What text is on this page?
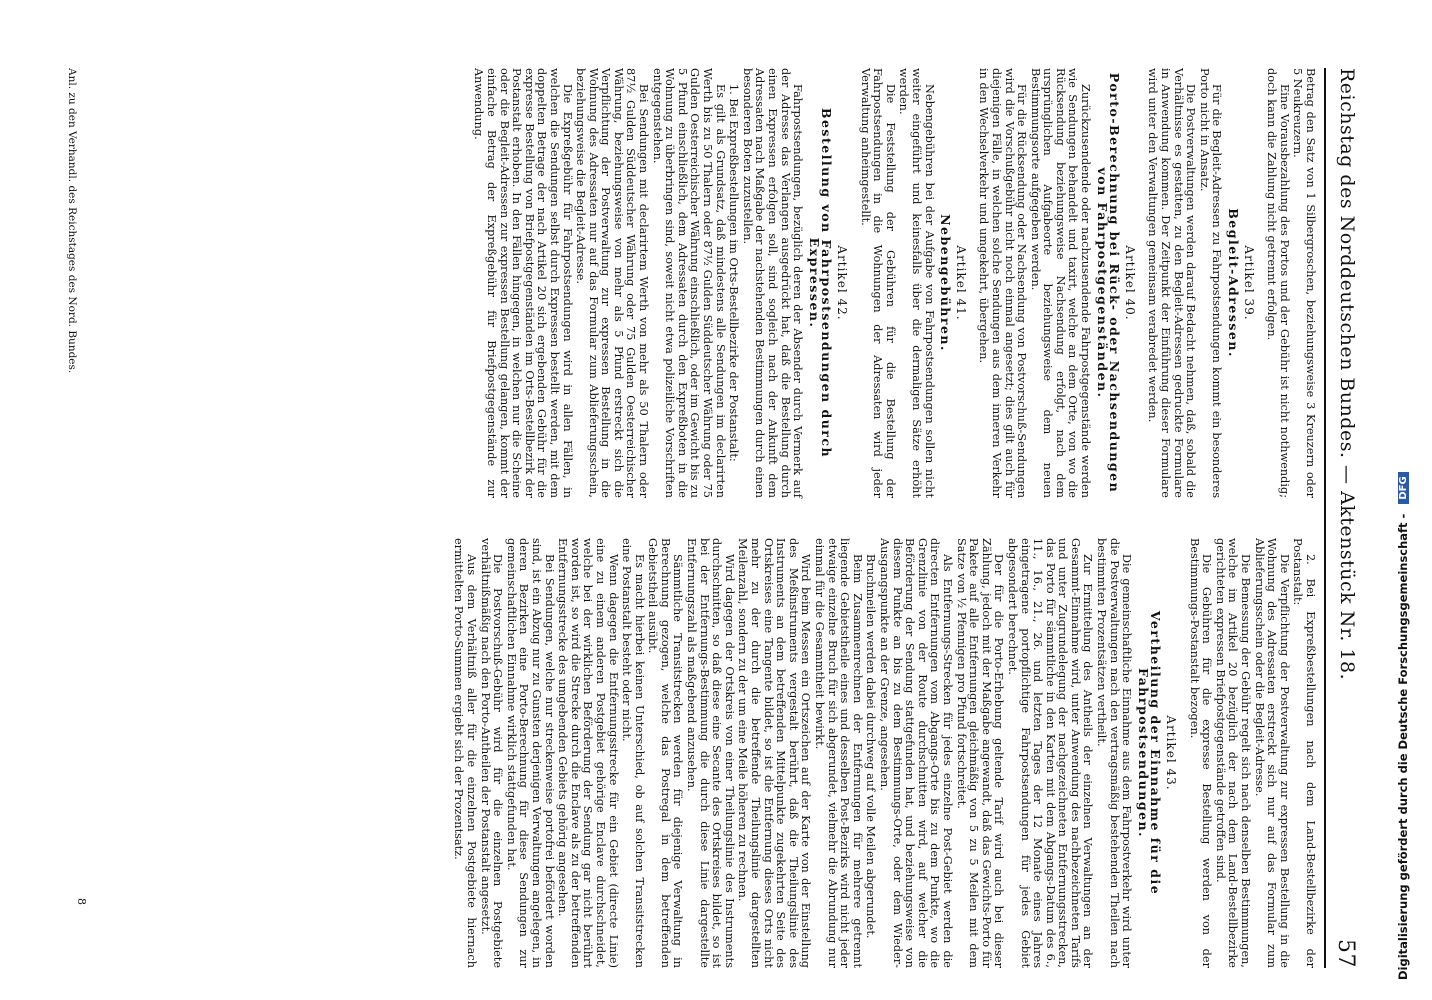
Reichstag des Norddeutschen Bundes. — Aktenstück Nr. 18.
57

Betrag den Satz von 1 Silbergroschen, beziehungsweise 3 Kreuzern oder 5 Neukreuzern.

Eine Vorausbezahlung des Portos und der Gebühr ist nicht nothwendig; doch kann die Zahlung nicht getrennt erfolgen.

Artikel 39.
Begleit-Adressen.

Für die Begleit-Adressen zu Fahrpostsendungen kommt ein besonderes Porto nicht in Ansatz.

Die Postverwaltungen werden darauf Bedacht nehmen, daß, sobald die Verhältnisse es gestatten, zu den Begleit-Adressen gedruckte Formulare in Anwendung kommen. Der Zeitpunkt der Einführung dieser Formulare wird unter den Verwaltungen gemeinsam verabredet werden.

Artikel 40.
Porto-Berechnung bei Rück- oder Nachsendungen von Fahrpostgegenständen.

Zurückzusendende oder nachzusendende Fahrpostgegenstände werden wie Sendungen behandelt und taxirt, welche an dem Orte, von wo die Rücksendung beziehungsweise Nachsendung erfolgt, nach dem ursprünglichen Aufgabeorte beziehungsweise dem neuen Bestimmungsorte aufgegeben werden.

Für die Rücksendung oder Nachsendung von Postvorschuß-Sendungen wird die Vorschußgebühr nicht noch einmal angesetzt; dies gilt auch für diejenigen Fälle, in welchen solche Sendungen aus dem inneren Verkehr in den Wechselverkehr und umgekehrt, übergehen.

Artikel 41.
Nebengebühren.

Nebengebühren bei der Aufgabe von Fahrpostsendungen sollen nicht weiter eingeführt und keinesfalls über die dermaligen Sätze erhöht werden.

Die Feststellung der Gebühren für die Bestellung der Fahrpostsendungen in die Wohnungen der Adressaten wird jeder Verwaltung anheimgestellt.

Artikel 42.
Bestellung von Fahrpostsendungen durch Expressen.

Fahrpostsendungen, bezüglich deren der Absender durch Vermerk auf der Adresse das Verlangen ausgedrückt hat, daß die Bestellung durch einen Expressen erfolgen soll, sind sogleich nach der Ankunft dem Adressaten nach Maßgabe der nachstehenden Bestimmungen durch einen besonderen Boten zuzustellen.

1. Bei Expreßbestellungen im Orts-Bestellbezirke der Postanstalt:

Es gilt als Grundsatz, daß mindestens alle Sendungen im declarirten Werth bis zu 50 Thalern oder 87½ Gulden Süddeutscher Währung oder 75 Gulden Oesterreichischer Währung einschließlich, oder im Gewicht bis zu 5 Pfund einschließlich, dem Adressaten durch den Expreßboten in die Wohnung zu überbringen sind, soweit nicht etwa polizeiliche Vorschriften entgegenstehen.

Bei Sendungen mit declarirtem Werth von mehr als 50 Thalern oder 87½ Gulden Süddeutscher Währung oder 75 Gulden Oesterreichischer Währung, beziehungsweise von mehr als 5 Pfund erstreckt sich die Verpflichtung der Postverwaltung zur expressen Bestellung in die Wohnung des Adressaten nur auf das Formular zum Ablieferungsschein, beziehungsweise die Begleit-Adresse.

Die Expreßgebühr für Fahrpostsendungen wird in allen Fällen, in welchen die Sendungen selbst durch Expressen bestellt werden, mit dem doppelten Betrage der nach Artikel 20 sich ergebenden Gebühr für die expresse Bestellung von Briefpostgegenständen im Orts-Bestellbezirk der Postanstalt erhoben. In den Fällen hingegen, in welchen nur die Scheine oder die Begleit-Adressen zur expressen Bestellung gelangen, kommt der einfache Betrag der Expreßgebühr für Briefpostgegenstände zur Anwendung.

2. Bei Expreßbestellungen nach dem Land-Bestellbezirke der Postanstalt:

Die Verpflichtung der Postverwaltung zur expressen Bestellung in die Wohnung des Adressaten erstreckt sich nur auf das Formular zum Ablieferungsschein oder die Begleit-Adresse.

Die Bemessung der Gebühr regelt sich nach denselben Bestimmungen, welche im Artikel 20 bezüglich der nach dem Land-Bestellbezirke gerichteten expressen Briefpostgegenstände getroffen sind.

Die Gebühren für die expresse Bestellung werden von der Bestimmungs-Postanstalt bezogen.

Artikel 43.
Vertheilung der Einnahme für die Fahrpostsendungen.

Die gemeinschaftliche Einnahme aus dem Fahrpostverkehr wird unter die Postverwaltungen nach den vertragsmäßig bestehenden Theilen nach bestimmten Prozentsätzen vertheilt.

Zur Ermittelung des Antheils der einzelnen Verwaltungen an der Gesammt-Einnahme wird, unter Anwendung des nachbezeichneten Tarifs und unter Zugrundelegung der nachgezeichneten Entfernungsstrecken, das Porto für sämmtliche in den Karten mit dem Abgangs-Datum des 6., 11., 16., 21., 26. und letzten Tages der 12 Monate eines Jahres eingetragene portopflichtige Fahrpostsendungen für jedes Gebiet abgesondert berechnet.

Der für die Porto-Erhebung geltende Tarif wird auch bei dieser Zählung, jedoch mit der Maßgabe angewandt, daß das Gewichts-Porto für Pakete auf alle Entfernungen gleichmäßig von 5 zu 5 Meilen mit dem Satze von ½ Pfennigen pro Pfund fortschreitet.

Als Entfernungs-Strecken für jedes einzelne Post-Gebiet werden die directen Entfernungen vom Abgangs-Orte bis zu dem Punkte, wo die Grenzlinie von der Route durchschnitten wird, auf welcher die Beförderung der Sendung stattgefunden hat, und beziehungsweise von diesem Punkte an bis zu dem Bestimmungs-Orte, oder dem Wieder-Ausgangspunkte an der Grenze, angesehen.

Bruchmeilen werden dabei durchweg auf volle Meilen abgerundet.

Beim Zusammenrechnen der Entfernungen für mehrere getrennt liegende Gebietstheile eines und desselben Post-Bezirks wird nicht jeder etwaige einzelne Bruch für sich abgerundet, vielmehr die Abrundung nur einmal für die Gesammtheit bewirkt.

Wird beim Messen ein Ortszeichen auf der Karte von der Einstellung des Meßinstruments vergestalt berührt, daß die Theilungslinie des Instruments an dem betreffenden Mittelpunkte zugekehrten Seite des Ortskreises eine Tangente bildet, so ist die Entfernung dieses Orts nicht mehr zu der durch die betreffende Theilungslinie dargestellten Meilenzahl, sondern zu der um eine Meile höheren zu rechnen.

Wird dagegen der Ortskreis von einer Theilungslinie des Instruments durchschnitten, so daß diese eine Secante des Ortskreises bildet, so ist bei der Entfernungs-Bestimmung die durch diese Linie dargestellte Entfernungszahl als maßgebend anzusehen.

Sämmtliche Transitstrecken werden für diejenige Verwaltung in Berechnung gezogen, welche das Postregal in dem betreffenden Gebietstheil ausübt.

Es macht hierbei keinen Unterschied, ob auf solchen Transitstrecken eine Postanstalt besteht oder nicht.

Wenn dagegen die Entfernungsstrecke für ein Gebiet (directe Linie) eine zu einem anderen Postgebiet gehörige Enclave durchschneidet, welche bei der wirklichen Beförderung der Sendung gar nicht berührt worden ist, so wird die Strecke durch die Enclave als zu der betreffenden Entfernungsstrecke des umgebenden Gebiets gehörig angesehen.

Bei Sendungen, welche nur streckenweise portofrei befördert worden sind, ist ein Abzug nur zu Gunsten derjenigen Verwaltungen angelegen, in deren Bezirken eine Porto-Berechnung für diese Sendungen zur gemeinschaftlichen Einnahme wirklich stattgefunden hat.

Die Postvorschuß-Gebühr wird für die einzelnen Postgebiete verhältnißmäßig nach den Porto-Antheilen der Postanstalt angesetzt.

Aus dem Verhältniß aller für die einzelnen Postgebiete hiernach ermittelten Porto-Summen ergiebt sich der Prozentsatz.

Anl. zu den Verhandl. des Reichstages des Nord. Bundes.
8	Digitalisierung gefördert durch die Deutsche Forschungsgemeinschaft - DFG
